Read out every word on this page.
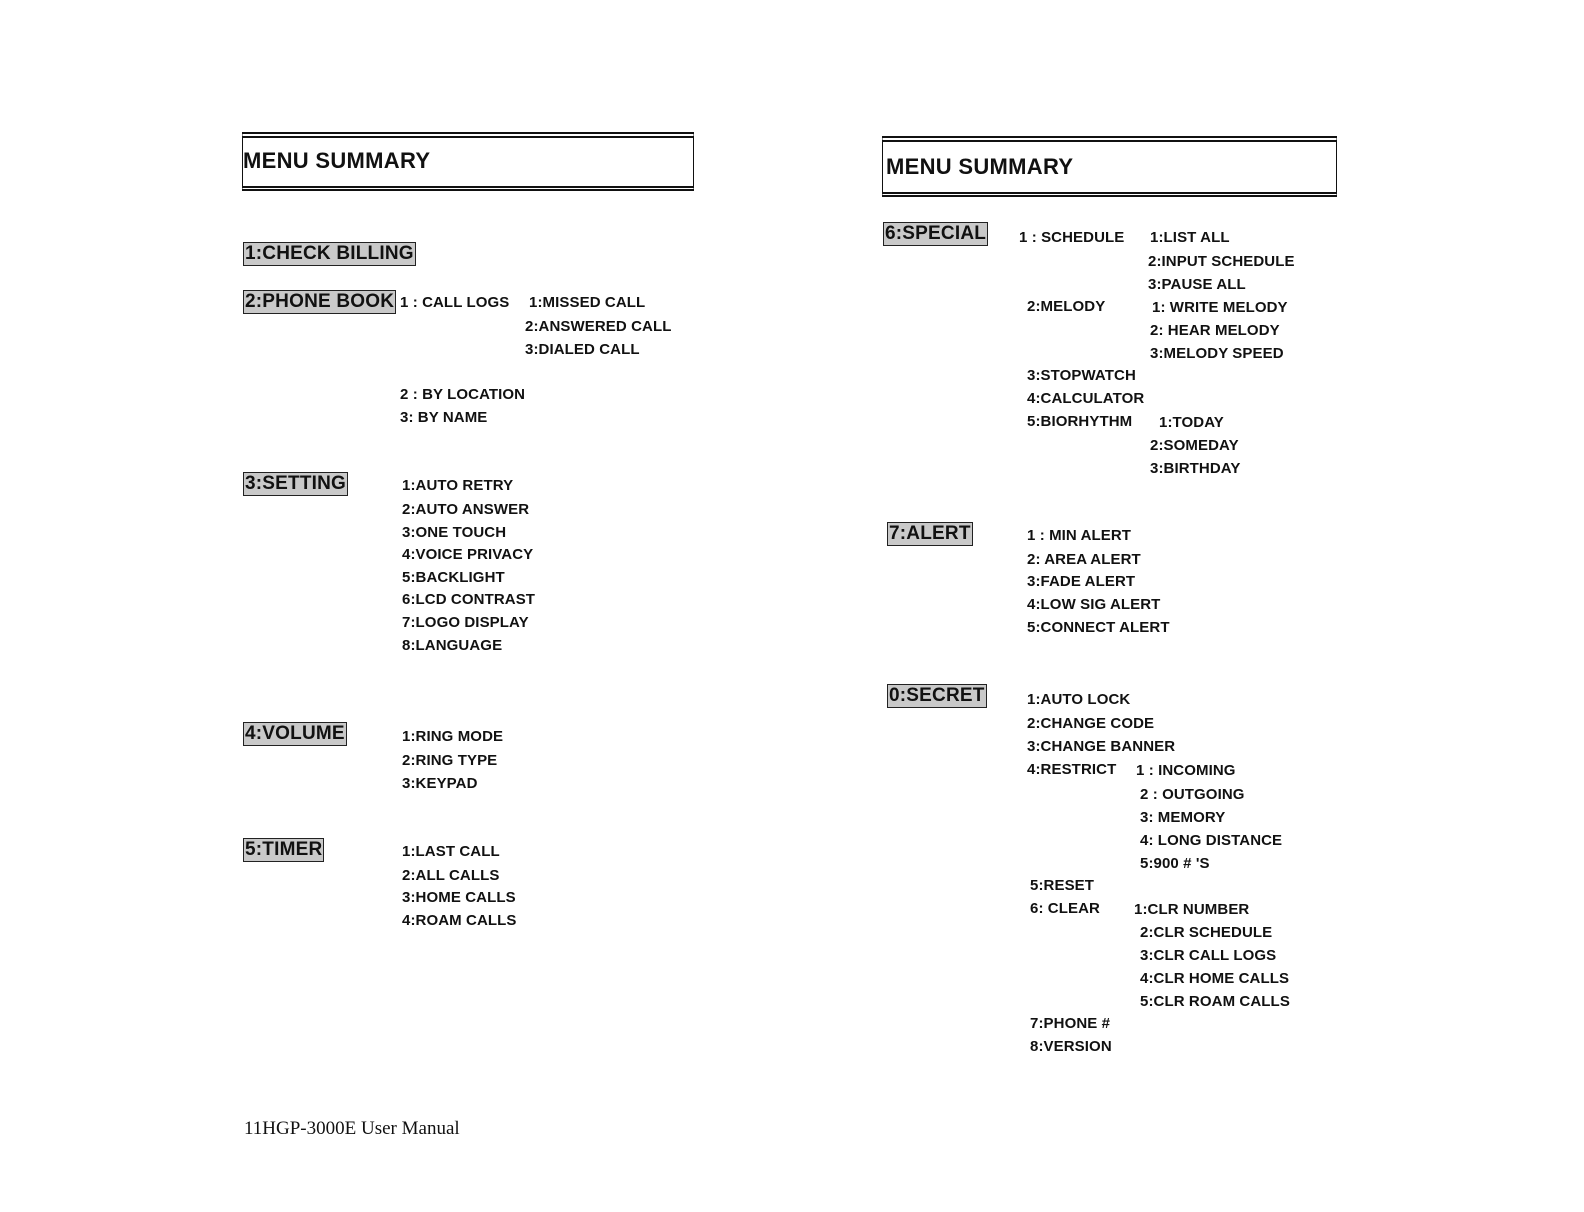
MENU SUMMARY	MENU SUMMARY
1:CHECK BILLING
2:PHONE BOOK 1 : CALL LOGS 1:MISSED CALL
2:ANSWERED CALL
3:DIALED CALL
2 : BY LOCATION
3: BY NAME
3:SETTING	1:AUTO RETRY
2:AUTO ANSWER
3:ONE TOUCH
4:VOICE PRIVACY
5:BACKLIGHT
6:LCD CONTRAST
7:LOGO DISPLAY
8:LANGUAGE
4:VOLUME	1:RING MODE
2:RING TYPE
3:KEYPAD
5:TIMER	1:LAST CALL
2:ALL CALLS
3:HOME CALLS
4:ROAM CALLS
6:SPECIAL 1 : SCHEDULE 1:LIST ALL
2:INPUT SCHEDULE
3:PAUSE ALL
2:MELODY	1: WRITE MELODY
2: HEAR MELODY
3:MELODY SPEED
3:STOPWATCH
4:CALCULATOR
5:BIORHYTHM 1:TODAY
2:SOMEDAY
3:BIRTHDAY
7:ALERT	1 : MIN ALERT
2: AREA ALERT
3:FADE ALERT
4:LOW SIG ALERT
5:CONNECT ALERT
0:SECRET	1:AUTO LOCK
2:CHANGE CODE
3:CHANGE BANNER
4:RESTRICT 1 : INCOMING
2 : OUTGOING
3: MEMORY
4: LONG DISTANCE
5:900 # 'S
5:RESET
6: CLEAR 1:CLR NUMBER
2:CLR SCHEDULE
3:CLR CALL LOGS
4:CLR HOME CALLS
5:CLR ROAM CALLS
7:PHONE #
8:VERSION
11HGP-3000E User Manual
